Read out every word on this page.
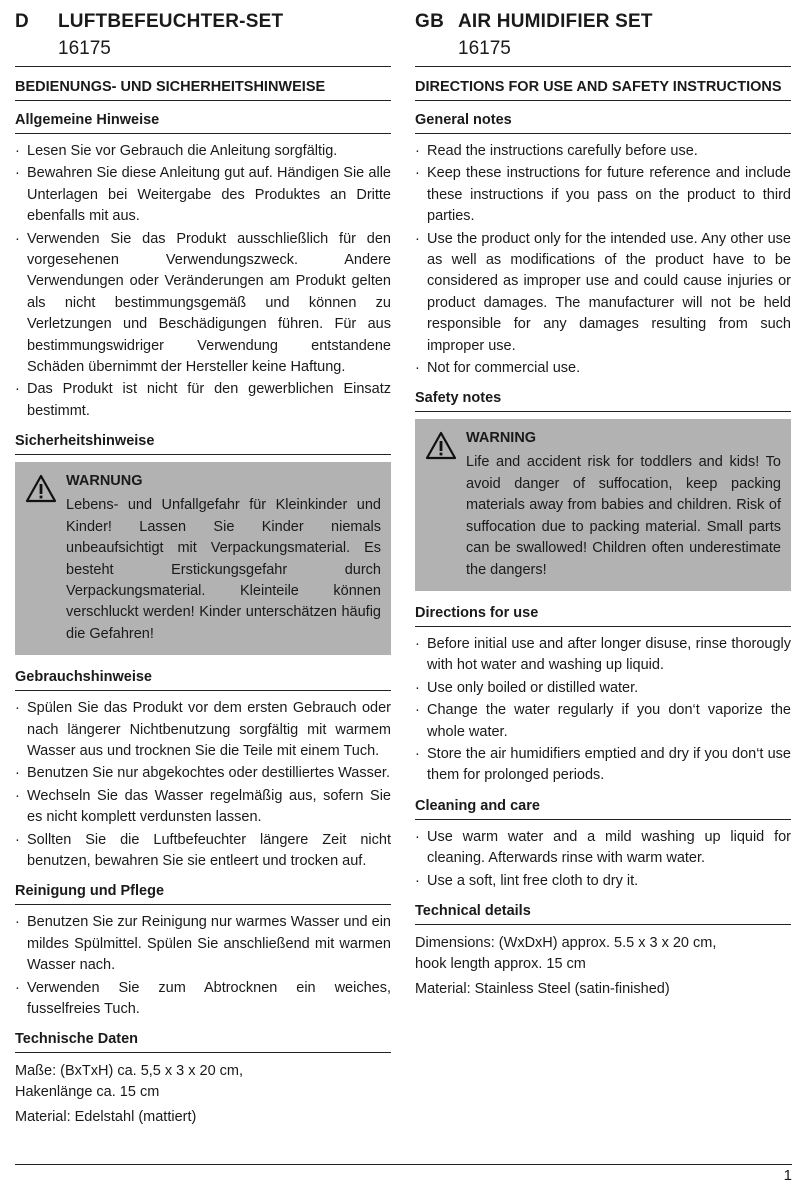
D LUFTBEFEUCHTER-SET
16175
BEDIENUNGS- UND SICHERHEITSHINWEISE
Allgemeine Hinweise
· Lesen Sie vor Gebrauch die Anleitung sorgfältig.
· Bewahren Sie diese Anleitung gut auf. Händigen Sie alle Unterlagen bei Weitergabe des Produktes an Dritte ebenfalls mit aus.
· Verwenden Sie das Produkt ausschließlich für den vorgesehenen Verwendungszweck. Andere Verwendungen oder Veränderungen am Produkt gelten als nicht bestimmungsgemäß und können zu Verletzungen und Beschädigungen führen. Für aus bestimmungswidriger Verwendung entstandene Schäden übernimmt der Hersteller keine Haftung.
· Das Produkt ist nicht für den gewerblichen Einsatz bestimmt.
Sicherheitshinweise
WARNUNG
Lebens- und Unfallgefahr für Kleinkinder und Kinder! Lassen Sie Kinder niemals unbeaufsichtigt mit Verpackungsmaterial. Es besteht Erstickungsgefahr durch Verpackungsmaterial. Kleinteile können verschluckt werden! Kinder unterschätzen häufig die Gefahren!
Gebrauchshinweise
· Spülen Sie das Produkt vor dem ersten Gebrauch oder nach längerer Nichtbenutzung sorgfältig mit warmem Wasser aus und trocknen Sie die Teile mit einem Tuch.
· Benutzen Sie nur abgekochtes oder destilliertes Wasser.
· Wechseln Sie das Wasser regelmäßig aus, sofern Sie es nicht komplett verdunsten lassen.
· Sollten Sie die Luftbefeuchter längere Zeit nicht benutzen, bewahren Sie sie entleert und trocken auf.
Reinigung und Pflege
· Benutzen Sie zur Reinigung nur warmes Wasser und ein mildes Spülmittel. Spülen Sie anschließend mit warmen Wasser nach.
· Verwenden Sie zum Abtrocknen ein weiches, fusselfreies Tuch.
Technische Daten

Maße: (BxTxH) ca. 5,5 x 3 x 20 cm,
Hakenlänge ca. 15 cm

Material: Edelstahl (mattiert)

GB AIR HUMIDIFIER SET
16175
DIRECTIONS FOR USE AND SAFETY INSTRUCTIONS
General notes
· Read the instructions carefully before use.
· Keep these instructions for future reference and include these instructions if you pass on the product to third parties.
· Use the product only for the intended use. Any other use as well as modifications of the product have to be considered as improper use and could cause injuries or product damages. The manufacturer will not be held responsible for any damages resulting from such improper use.
· Not for commercial use.
Safety notes
WARNING
Life and accident risk for toddlers and kids! To avoid danger of suffocation, keep packing materials away from babies and children. Risk of suffocation due to packing material. Small parts can be swallowed! Children often underestimate the dangers!
Directions for use
· Before initial use and after longer disuse, rinse thorougly with hot water and washing up liquid.
· Use only boiled or distilled water.
· Change the water regularly if you don‘t vaporize the whole water.
· Store the air humidifiers emptied and dry if you don‘t use them for prolonged periods.
Cleaning and care
· Use warm water and a mild washing up liquid for cleaning. Afterwards rinse with warm water.
· Use a soft, lint free cloth to dry it.
Technical details

Dimensions: (WxDxH) approx. 5.5 x 3 x 20 cm,
hook length approx. 15 cm

Material: Stainless Steel (satin-finished)

1
